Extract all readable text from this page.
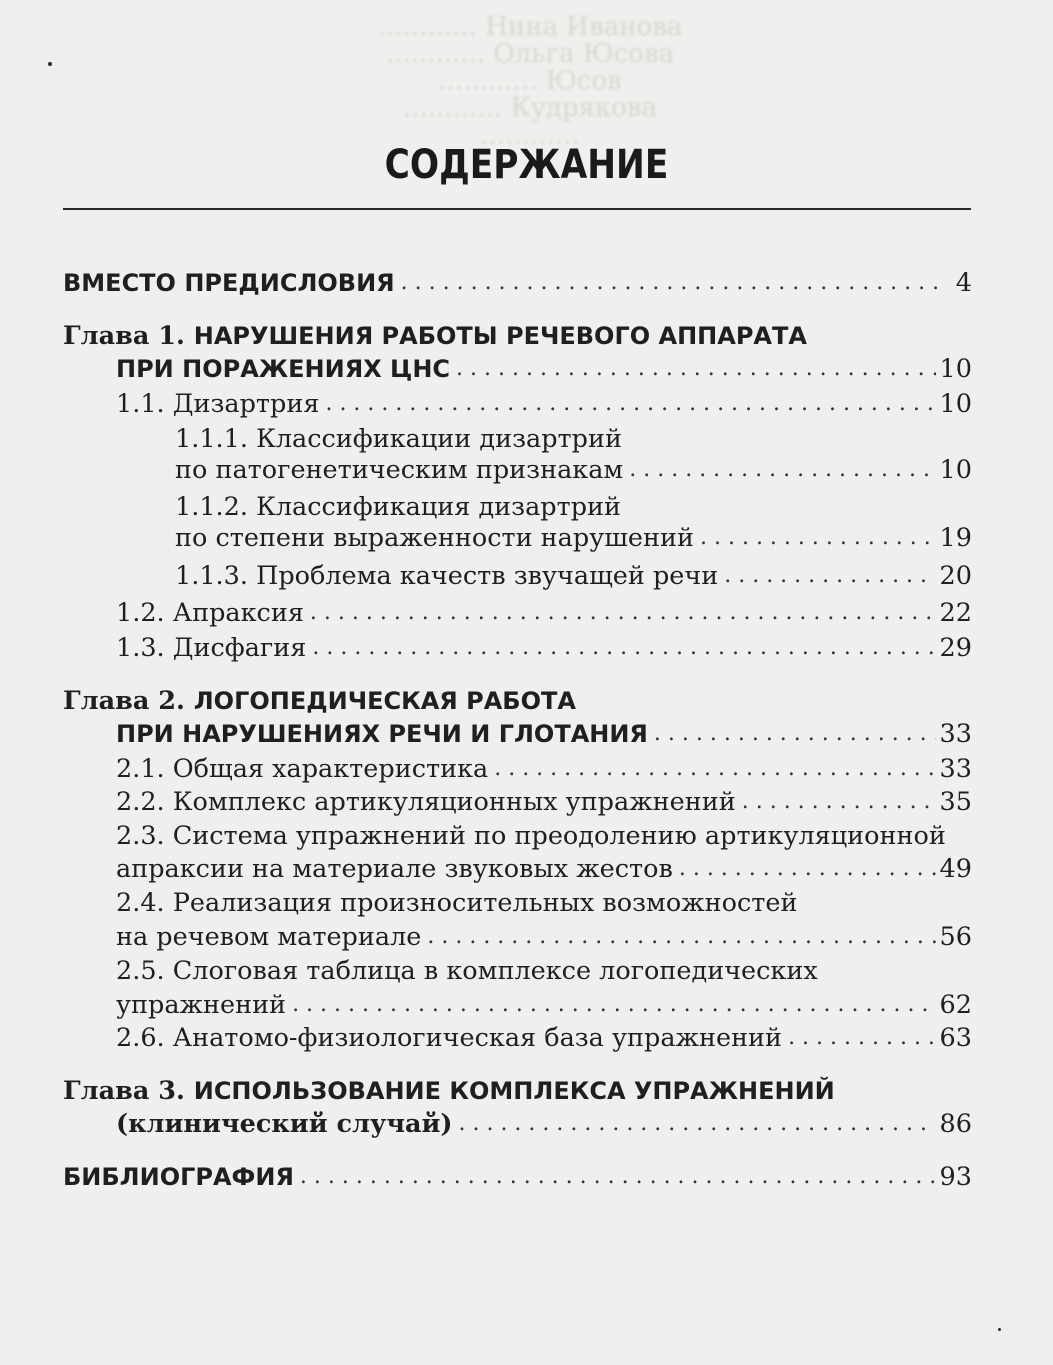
............ Нина Иванова
............ Ольга Юсова
............ Юсов
............ Кудрякова
............
СОДЕРЖАНИЕ
ВМЕСТО ПРЕДИСЛОВИЯ . . .	4
Глава 1. НАРУШЕНИЯ РАБОТЫ РЕЧЕВОГО АППАРАТА
ПРИ ПОРАЖЕНИЯХ ЦНС . . .	10
1.1. Дизартрия . . .	10
1.1.1. Классификации дизартрий
по патогенетическим признакам . . .	10
1.1.2. Классификация дизартрий
по степени выраженности нарушений . . .	19
1.1.3. Проблема качеств звучащей речи . . .	20
1.2. Апраксия . . .	22
1.3. Дисфагия . . .	29
Глава 2. ЛОГОПЕДИЧЕСКАЯ РАБОТА
ПРИ НАРУШЕНИЯХ РЕЧИ И ГЛОТАНИЯ . . .	33
2.1. Общая характеристика . . .	33
2.2. Комплекс артикуляционных упражнений . . .	35
2.3. Система упражнений по преодолению артикуляционной
апраксии на материале звуковых жестов . . .	49
2.4. Реализация произносительных возможностей
на речевом материале . . .	56
2.5. Слоговая таблица в комплексе логопедических
упражнений . . .	62
2.6. Анатомо-физиологическая база упражнений . . .	63
Глава 3. ИСПОЛЬЗОВАНИЕ КОМПЛЕКСА УПРАЖНЕНИЙ
(клинический случай) . . .	86
БИБЛИОГРАФИЯ . . .	93
